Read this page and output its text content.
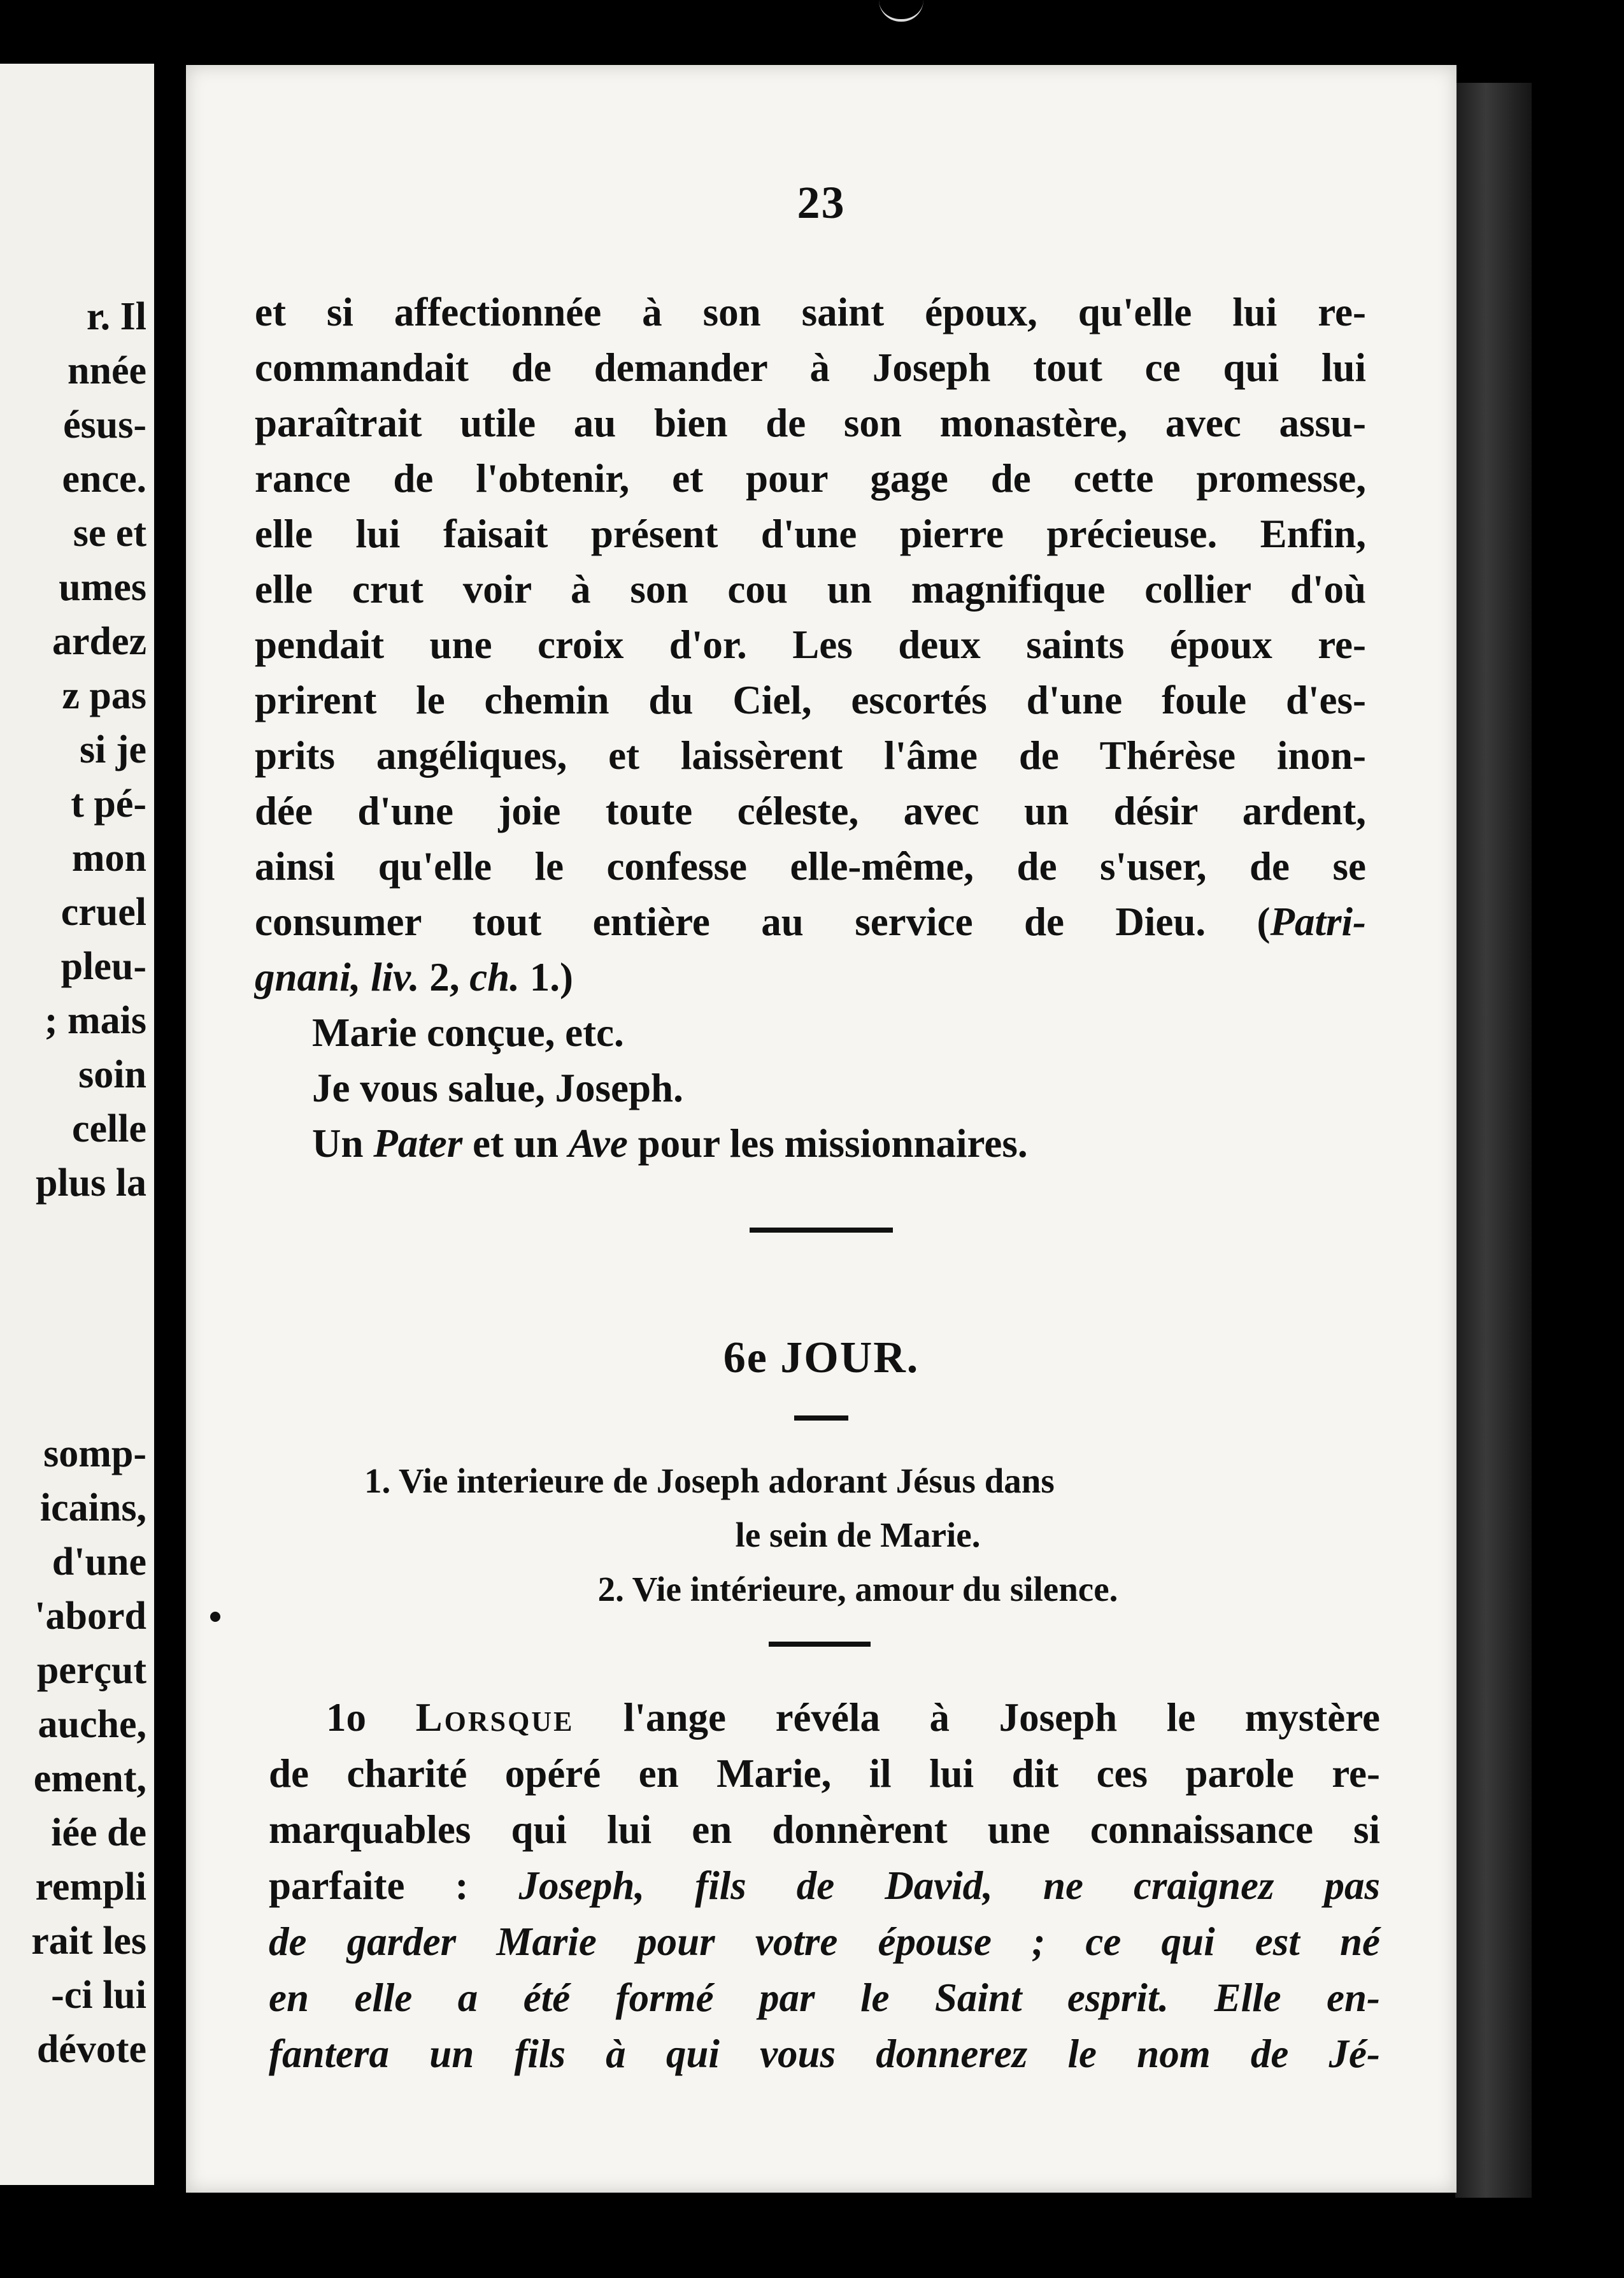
r. Il
nnée
ésus-
ence.
se et
umes
ardez
z pas
si je
t pé-
mon
cruel
pleu-
; mais
soin
celle
plus la
somp-
icains,
d'une
'abord
perçut
auche,
ement,
iée de
rempli
rait les
-ci lui
dévote
23
et si affectionnée à son saint époux, qu'elle lui re-
commandait de demander à Joseph tout ce qui lui
paraîtrait utile au bien de son monastère, avec assu-
rance de l'obtenir, et pour gage de cette promesse,
elle lui faisait présent d'une pierre précieuse. Enfin,
elle crut voir à son cou un magnifique collier d'où
pendait une croix d'or. Les deux saints époux re-
prirent le chemin du Ciel, escortés d'une foule d'es-
prits angéliques, et laissèrent l'âme de Thérèse inon-
dée d'une joie toute céleste, avec un désir ardent,
ainsi qu'elle le confesse elle-même, de s'user, de se
consumer tout entière au service de Dieu. (Patri-
gnani, liv. 2, ch. 1.)
Marie conçue, etc.
Je vous salue, Joseph.
Un Pater et un Ave pour les missionnaires.
6e JOUR.
1. Vie interieure de Joseph adorant Jésus dans
le sein de Marie.
2. Vie intérieure, amour du silence.
1o Lorsque l'ange révéla à Joseph le mystère
de charité opéré en Marie, il lui dit ces parole re-
marquables qui lui en donnèrent une connaissance si
parfaite : Joseph, fils de David, ne craignez pas
de garder Marie pour votre épouse ; ce qui est né
en elle a été formé par le Saint esprit. Elle en-
fantera un fils à qui vous donnerez le nom de Jé-
